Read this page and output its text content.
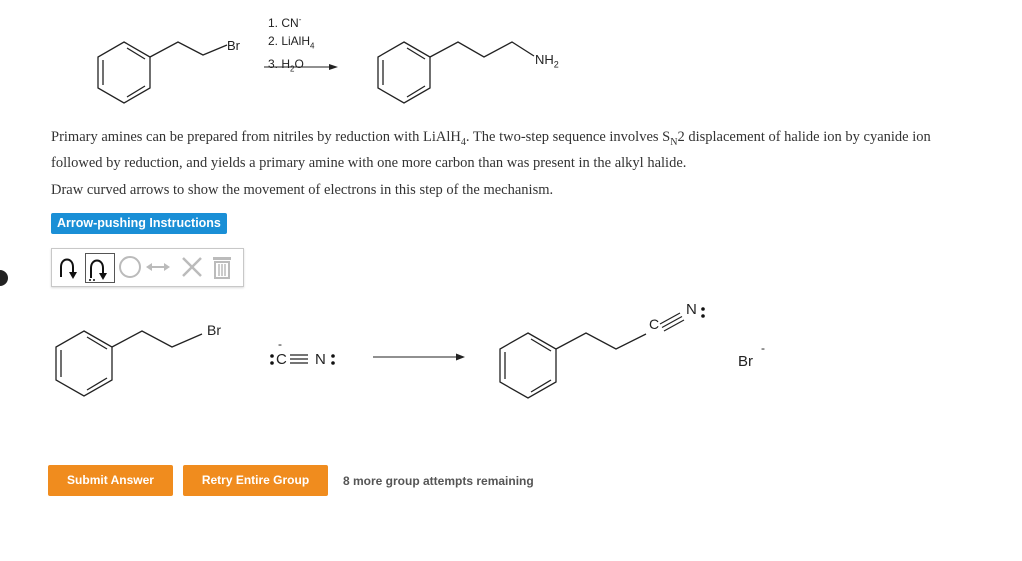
Br
1. CN-
2. LiAlH$_4$
3. $H_2O$	$NH_2$
Primary amines can be prepared from nitriles by reduction with LiAlH$_4$. The two-step sequence involves $S_N2$ displacement of halide ion by cyanide ion
followed by reduction, and yields a primary amine with one more carbon than was present in the alkyl halide.
Draw curved arrows to show the movement of electrons in this step of the mechanism.
Arrow-pushing Instructions
Br
C
-
N
C
N
Br
-
Submit Answer	Retry Entire Group	8 more group attempts remaining
